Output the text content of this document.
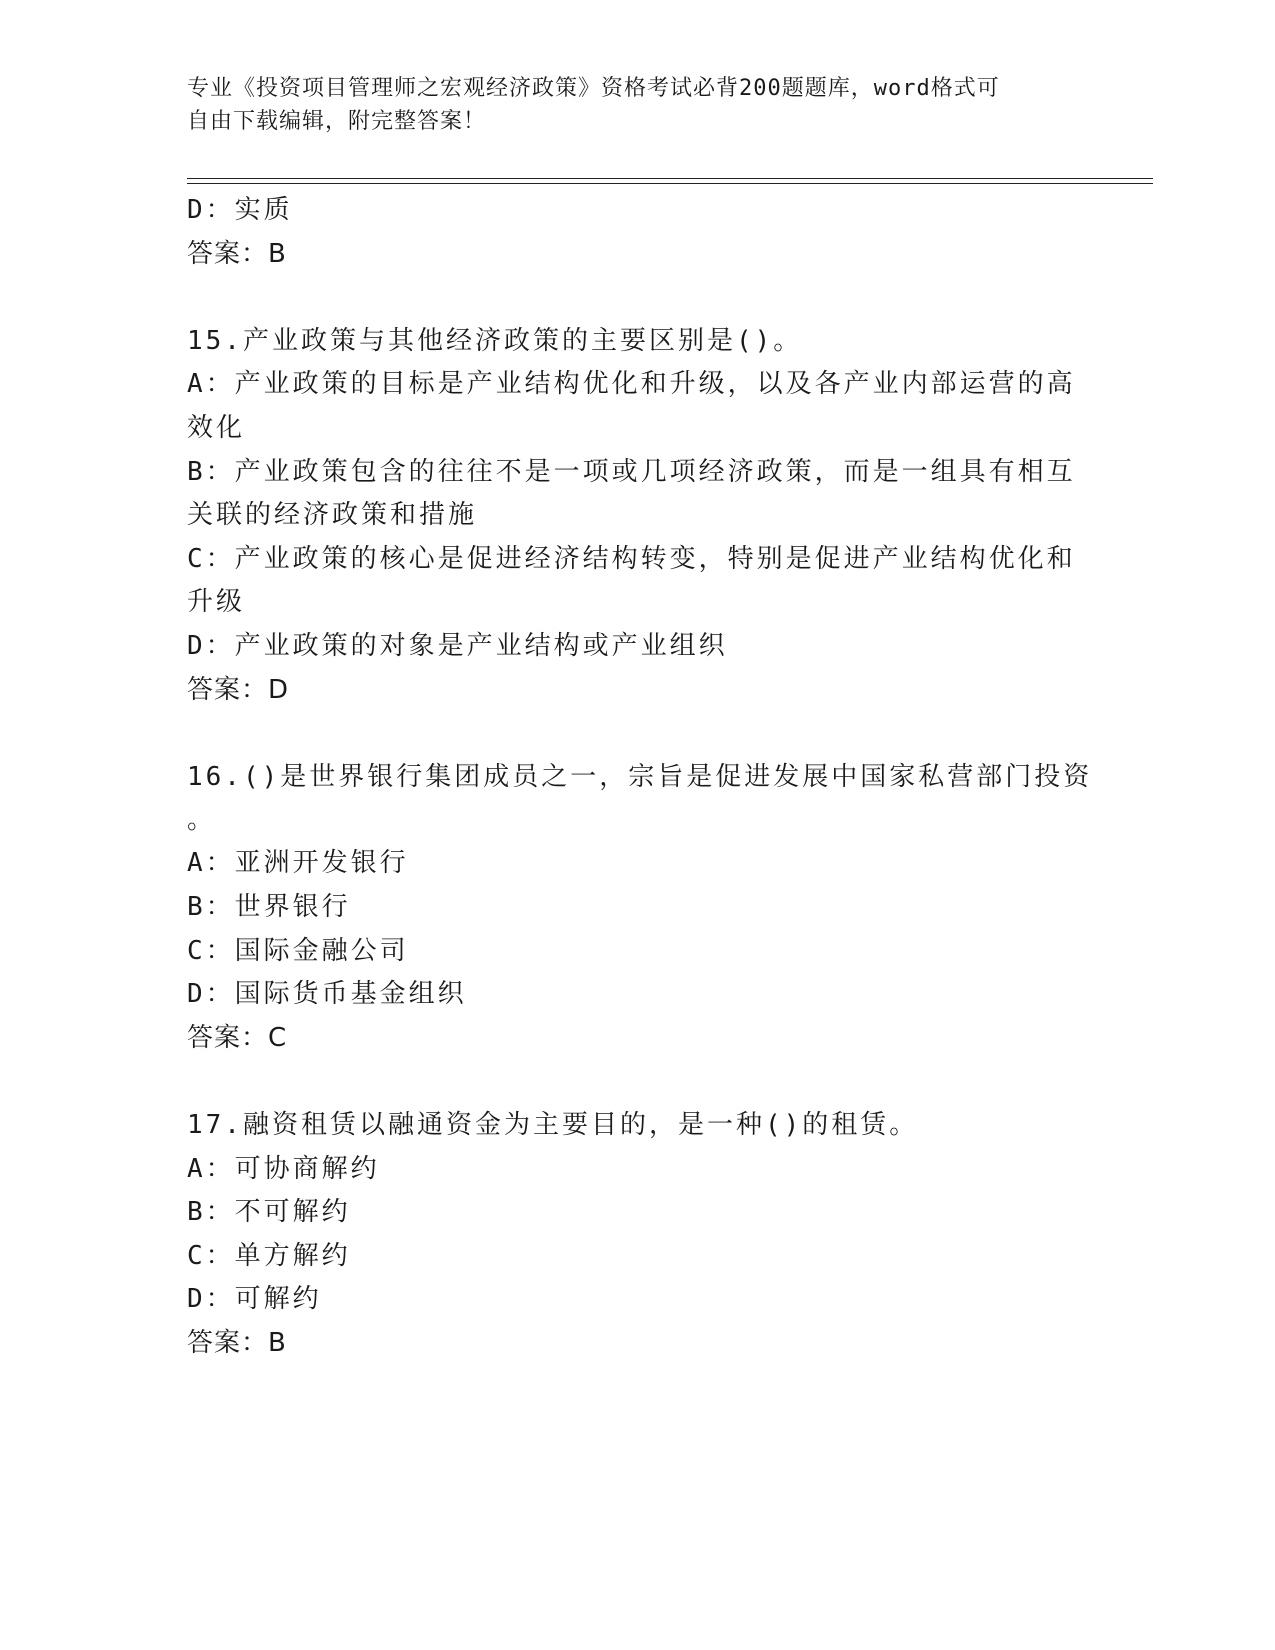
专业《投资项目管理师之宏观经济政策》资格考试必背200题题库，word格式可
自由下载编辑，附完整答案！
D：实质
答案：B
15.产业政策与其他经济政策的主要区别是()。
A：产业政策的目标是产业结构优化和升级，以及各产业内部运营的高
效化
B：产业政策包含的往往不是一项或几项经济政策，而是一组具有相互
关联的经济政策和措施
C：产业政策的核心是促进经济结构转变，特别是促进产业结构优化和
升级
D：产业政策的对象是产业结构或产业组织
答案：D
16.()是世界银行集团成员之一，宗旨是促进发展中国家私营部门投资
。
A：亚洲开发银行
B：世界银行
C：国际金融公司
D：国际货币基金组织
答案：C
17.融资租赁以融通资金为主要目的，是一种()的租赁。
A：可协商解约
B：不可解约
C：单方解约
D：可解约
答案：B
